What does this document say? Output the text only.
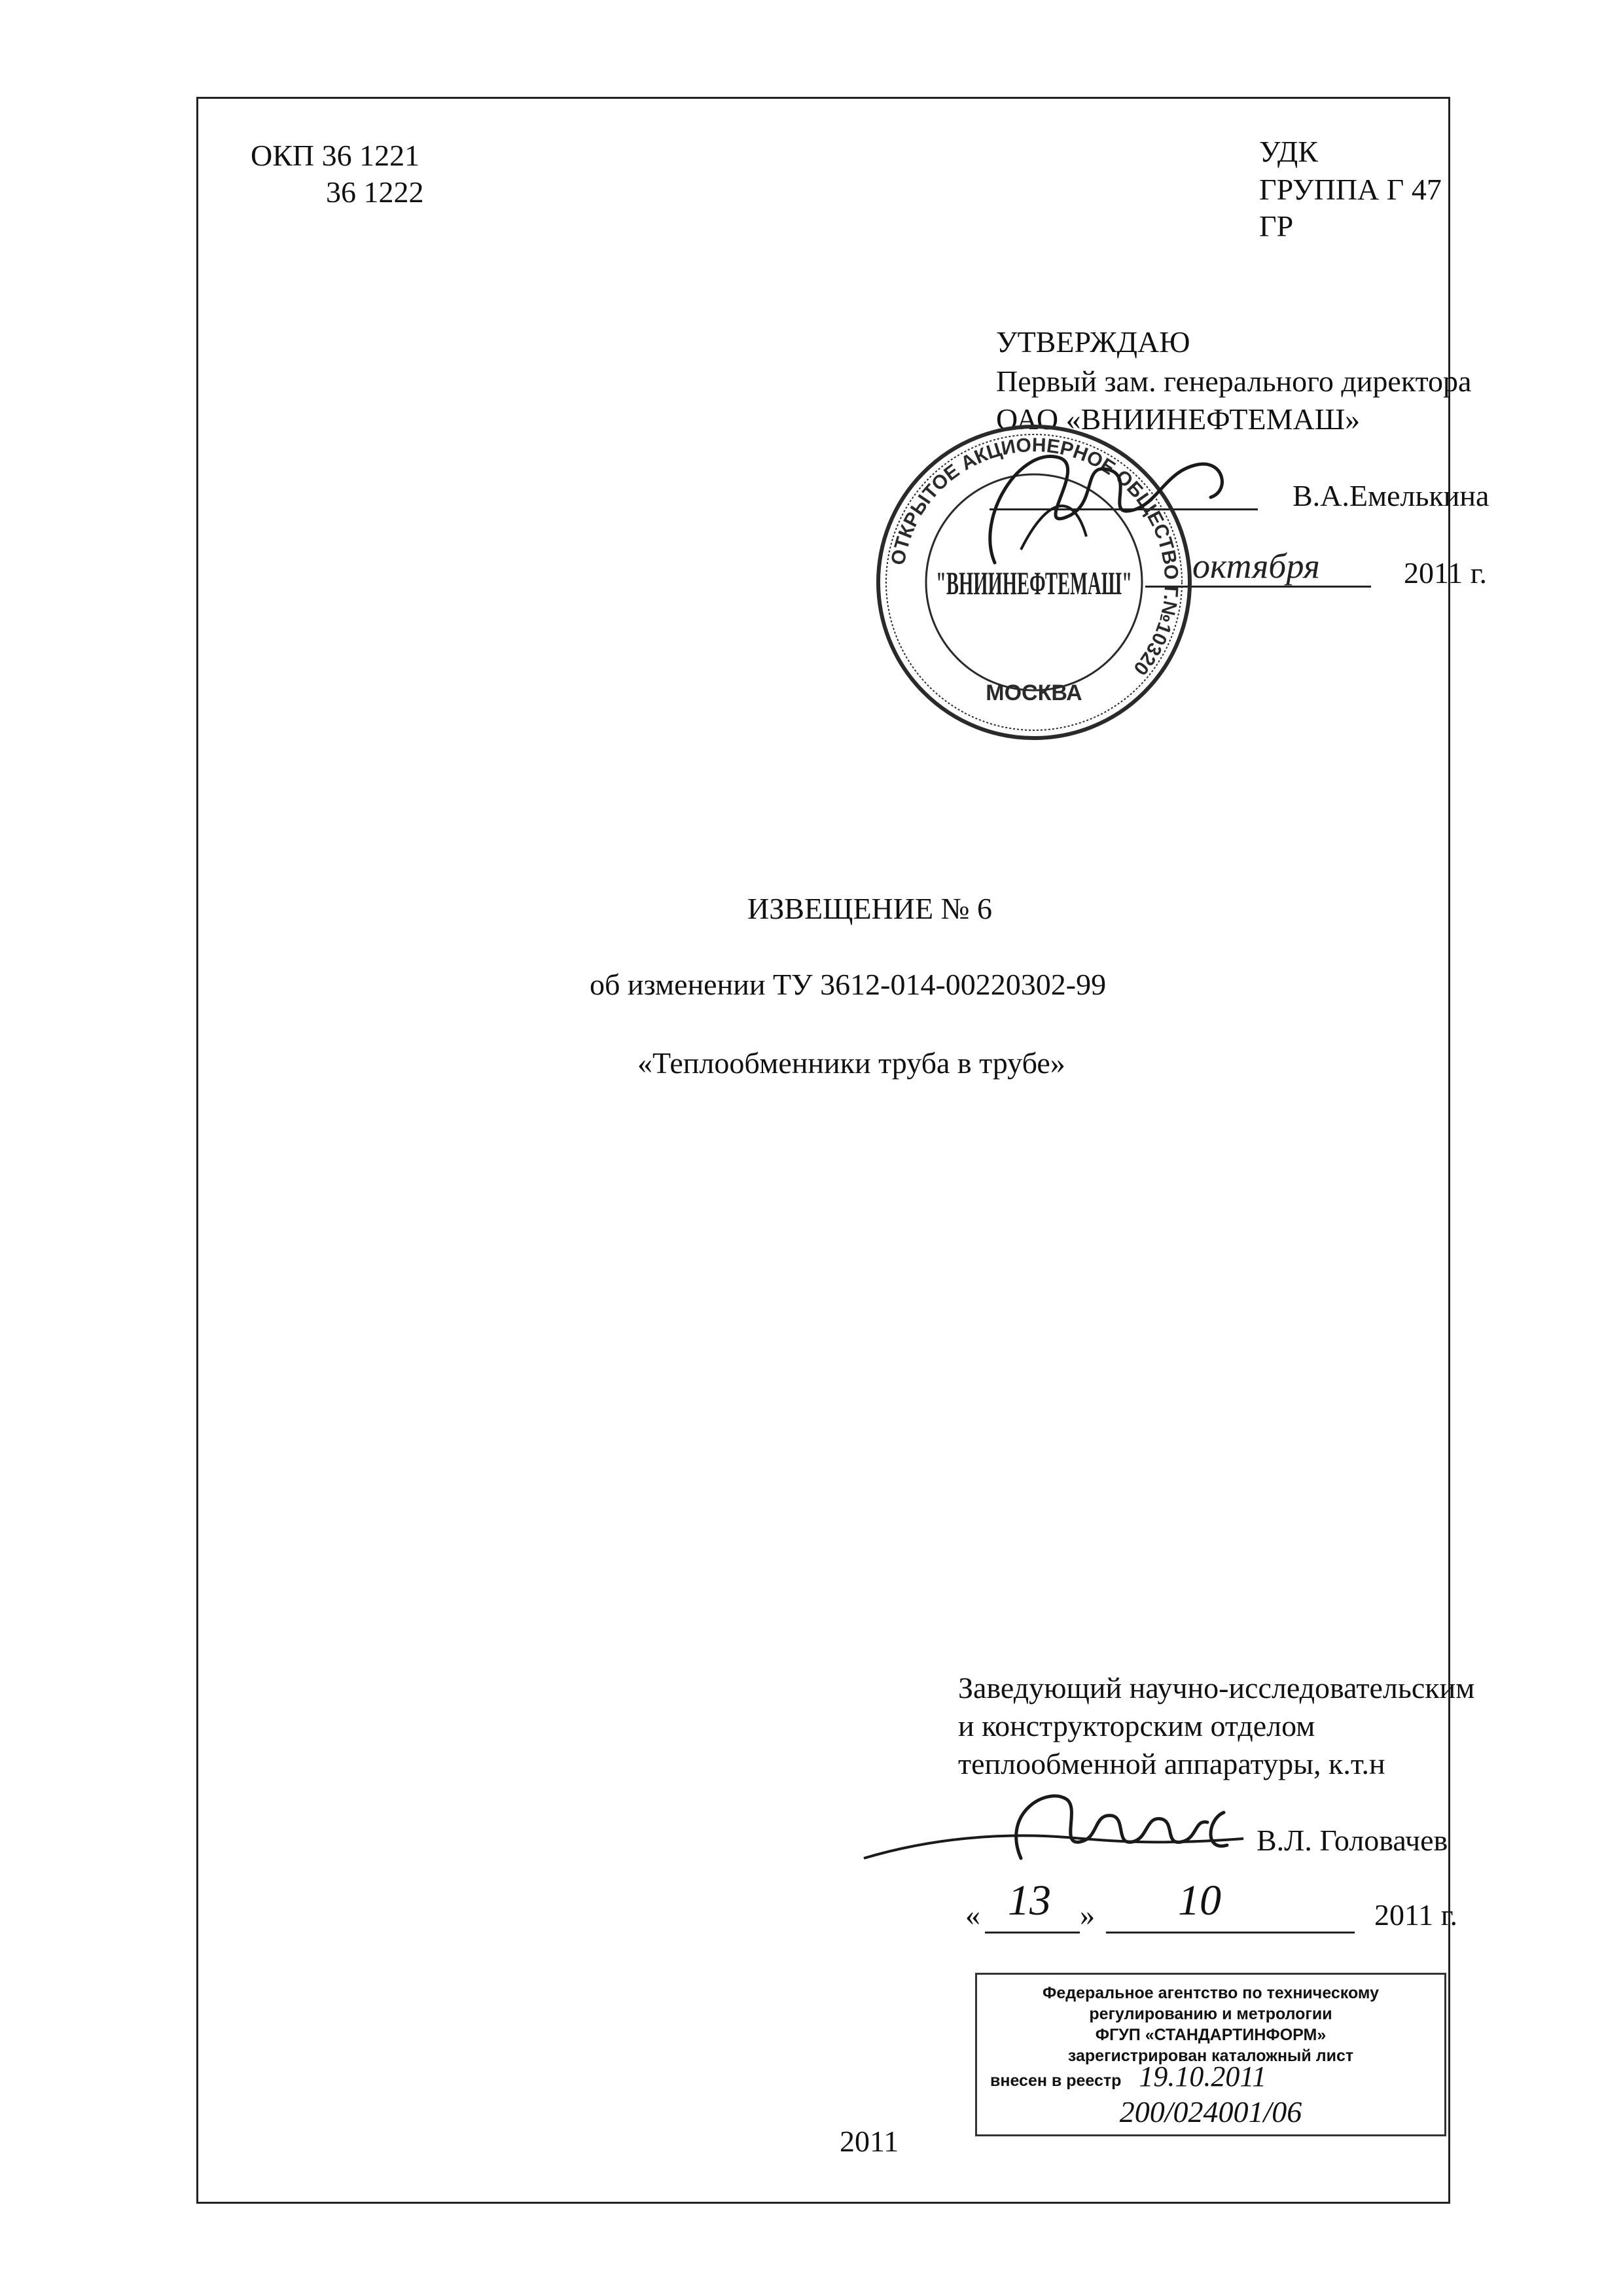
ОКП 36 1221
36 1222
УДК
ГРУППА Г 47
ГР
УТВЕРЖДАЮ
Первый зам. генерального директора
ОАО «ВНИИНЕФТЕМАШ»
В.А.Емелькина
октября	2011 г.
ОТКРЫТОЕ АКЦИОНЕРНОЕ ОБЩЕСТВО Г.№10320
МОСКВА
"ВНИИНЕФТЕМАШ"
ИЗВЕЩЕНИЕ № 6
об изменении ТУ 3612-014-00220302-99
«Теплообменники труба в трубе»
Заведующий научно-исследовательским
и конструкторским отделом
теплообменной аппаратуры, к.т.н
В.Л. Головачев
« 13 » 10	2011 г.
Федеральное агентство по техническому
регулированию и метрологии
ФГУП «СТАНДАРТИНФОРМ»
зарегистрирован каталожный лист
внесен в реестр 19.10.2011
200/024001/06
2011
